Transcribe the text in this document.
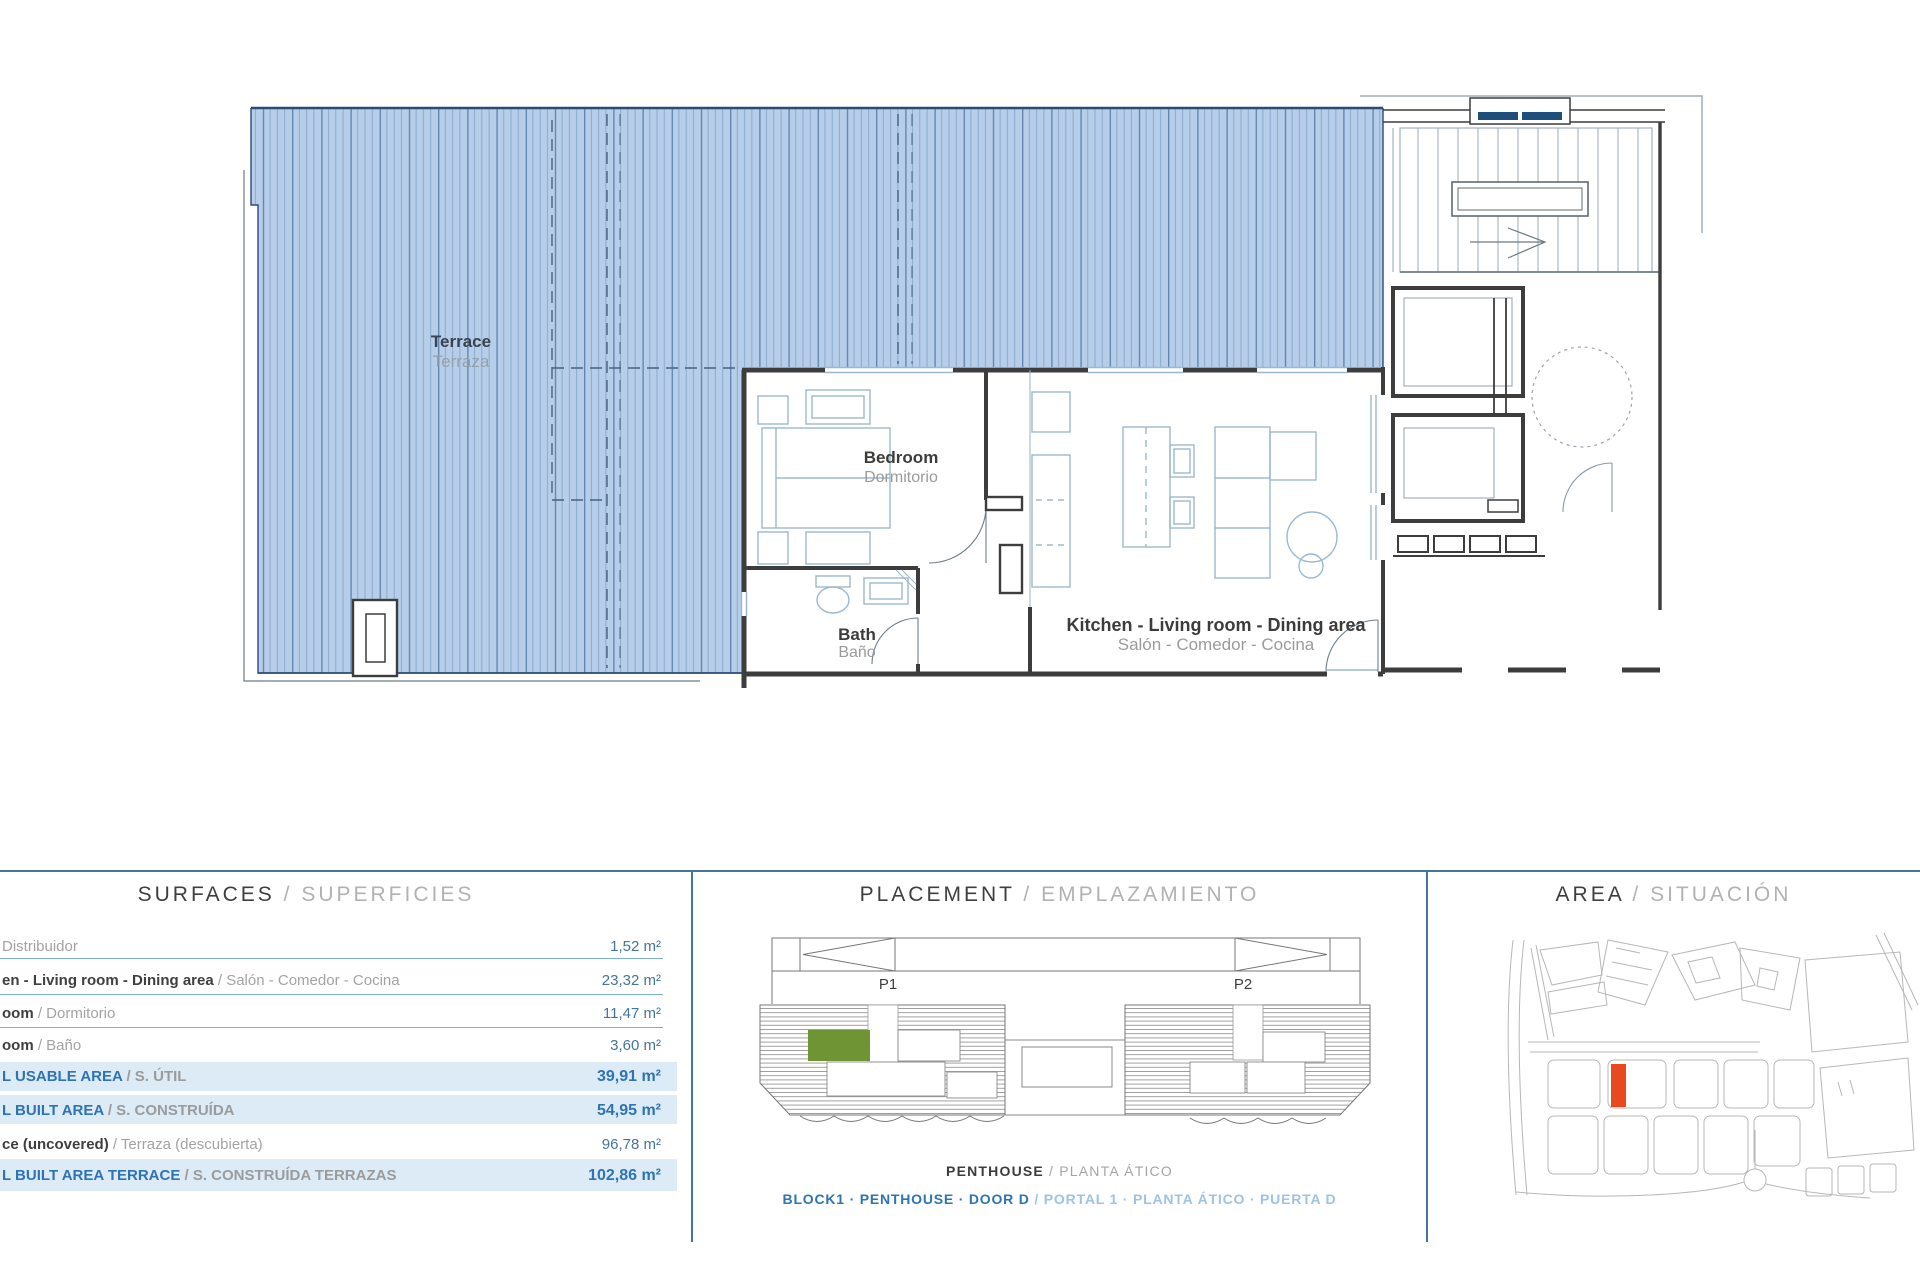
Terrace
Terraza
Bedroom
Dormitorio
Bath
Baño
Kitchen - Living room - Dining area
Salón - Comedor - Cocina
SURFACES / SUPERFICIES
Distribuidor	1,52 m²
en - Living room - Dining area / Salón - Comedor - Cocina	23,32 m²
oom / Dormitorio	11,47 m²
oom / Baño	3,60 m²
L USABLE AREA / S. ÚTIL	39,91 m²
L BUILT AREA / S. CONSTRUÍDA	54,95 m²
ce (uncovered) / Terraza (descubierta)	96,78 m²
L BUILT AREA TERRACE / S. CONSTRUÍDA TERRAZAS	102,86 m²
PLACEMENT / EMPLAZAMIENTO
P1	P2
PENTHOUSE / PLANTA ÁTICO
BLOCK1 · PENTHOUSE · DOOR D / PORTAL 1 · PLANTA ÁTICO · PUERTA D
AREA / SITUACIÓN
